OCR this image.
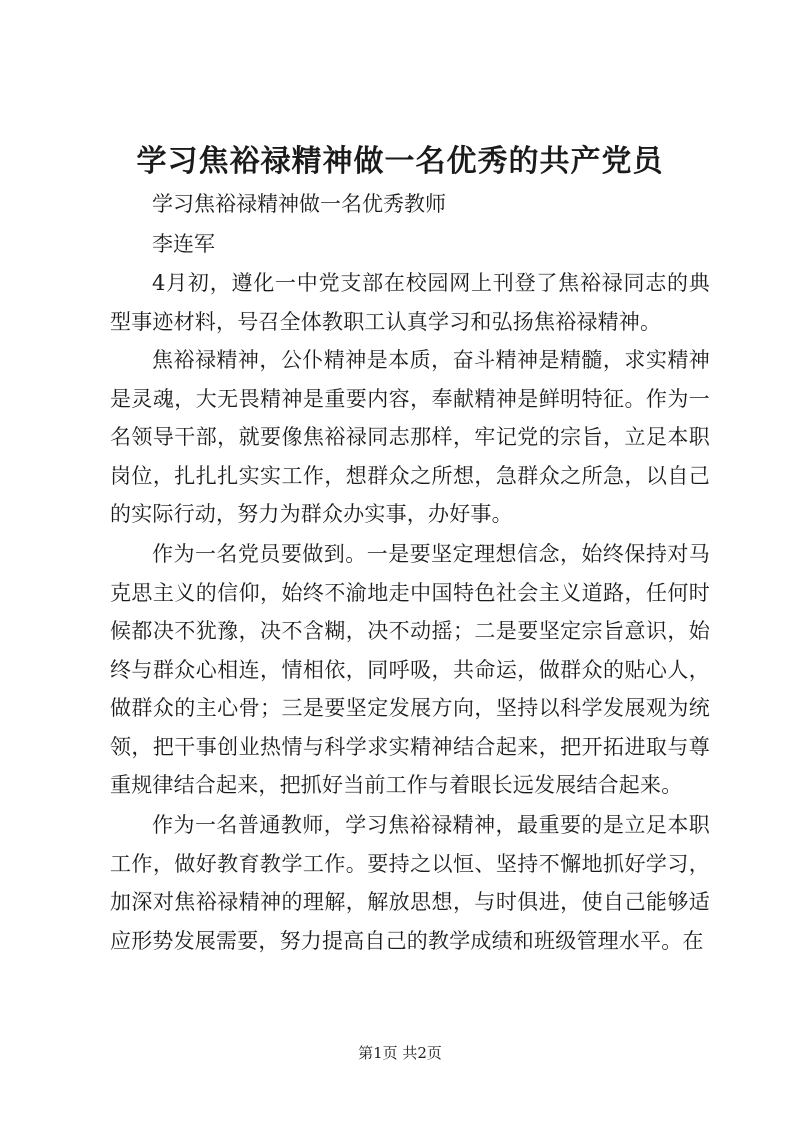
学习焦裕禄精神做一名优秀的共产党员

学习焦裕禄精神做一名优秀教师

李连军

4月初，遵化一中党支部在校园网上刊登了焦裕禄同志的典型事迹材料，号召全体教职工认真学习和弘扬焦裕禄精神。

焦裕禄精神，公仆精神是本质，奋斗精神是精髓，求实精神是灵魂，大无畏精神是重要内容，奉献精神是鲜明特征。作为一名领导干部，就要像焦裕禄同志那样，牢记党的宗旨，立足本职岗位，扎扎扎实实工作，想群众之所想，急群众之所急，以自己的实际行动，努力为群众办实事，办好事。

作为一名党员要做到。一是要坚定理想信念，始终保持对马克思主义的信仰，始终不渝地走中国特色社会主义道路，任何时候都决不犹豫，决不含糊，决不动摇；二是要坚定宗旨意识，始终与群众心相连，情相依，同呼吸，共命运，做群众的贴心人，做群众的主心骨；三是要坚定发展方向，坚持以科学发展观为统领，把干事创业热情与科学求实精神结合起来，把开拓进取与尊重规律结合起来，把抓好当前工作与着眼长远发展结合起来。

作为一名普通教师，学习焦裕禄精神，最重要的是立足本职工作，做好教育教学工作。要持之以恒、坚持不懈地抓好学习，加深对焦裕禄精神的理解，解放思想，与时俱进，使自己能够适应形势发展需要，努力提高自己的教学成绩和班级管理水平。在

第1页 共2页
